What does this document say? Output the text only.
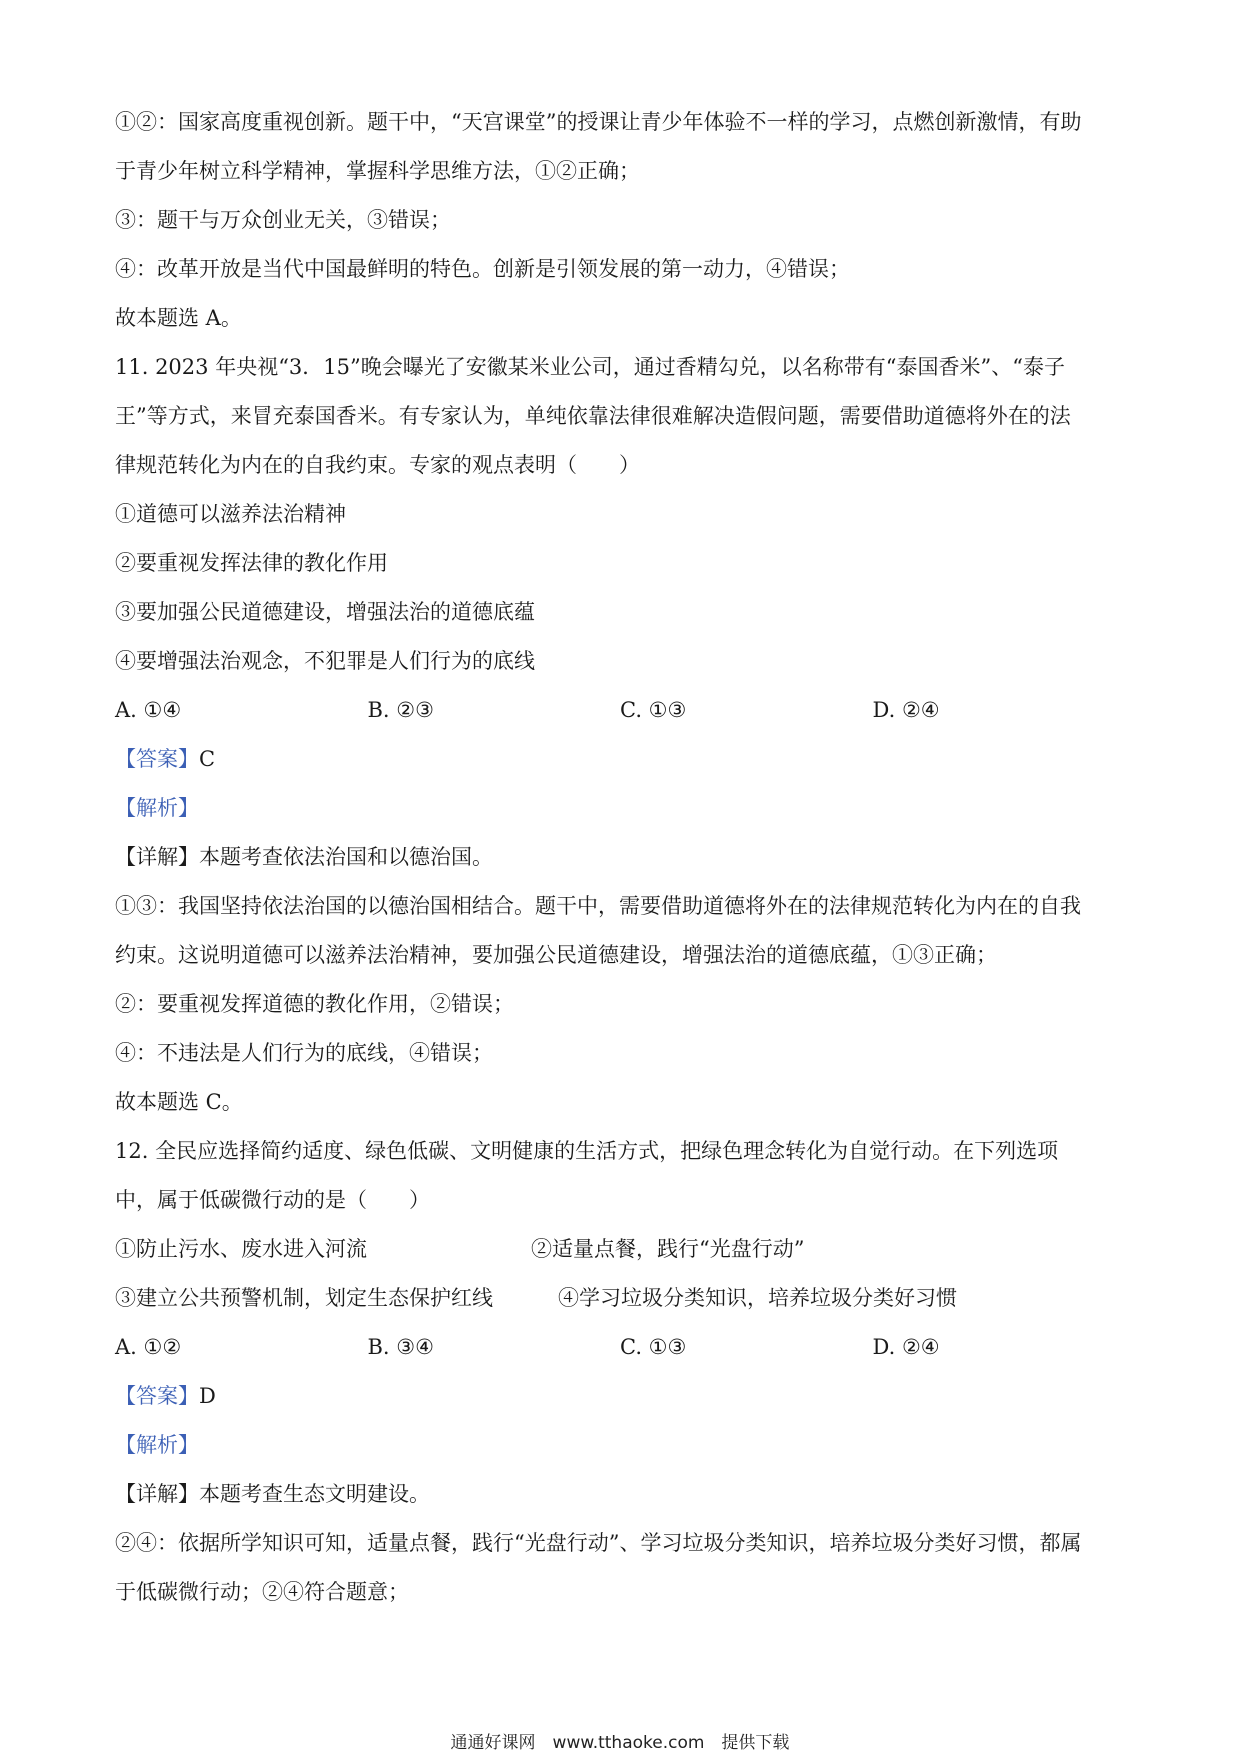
①②：国家高度重视创新。题干中，“天宫课堂”的授课让青少年体验不一样的学习，点燃创新激情，有助
于青少年树立科学精神，掌握科学思维方法，①②正确；
③：题干与万众创业无关，③错误；
④：改革开放是当代中国最鲜明的特色。创新是引领发展的第一动力，④错误；
故本题选 A。
11. 2023 年央视“3．15”晚会曝光了安徽某米业公司，通过香精勾兑，以名称带有“泰国香米”、“泰子
王”等方式，来冒充泰国香米。有专家认为，单纯依靠法律很难解决造假问题，需要借助道德将外在的法
律规范转化为内在的自我约束。专家的观点表明（　　）
①道德可以滋养法治精神
②要重视发挥法律的教化作用
③要加强公民道德建设，增强法治的道德底蕴
④要增强法治观念，不犯罪是人们行为的底线
A. ①④	B. ②③	C. ①③	D. ②④
【答案】C
【解析】
【详解】本题考查依法治国和以德治国。
①③：我国坚持依法治国的以德治国相结合。题干中，需要借助道德将外在的法律规范转化为内在的自我
约束。这说明道德可以滋养法治精神，要加强公民道德建设，增强法治的道德底蕴，①③正确；
②：要重视发挥道德的教化作用，②错误；
④：不违法是人们行为的底线，④错误；
故本题选 C。
12. 全民应选择简约适度、绿色低碳、文明健康的生活方式，把绿色理念转化为自觉行动。在下列选项
中，属于低碳微行动的是（　　）
①防止污水、废水进入河流	②适量点餐，践行“光盘行动”
③建立公共预警机制，划定生态保护红线	④学习垃圾分类知识，培养垃圾分类好习惯
A. ①②	B. ③④	C. ①③	D. ②④
【答案】D
【解析】
【详解】本题考查生态文明建设。
②④：依据所学知识可知，适量点餐，践行“光盘行动”、学习垃圾分类知识，培养垃圾分类好习惯，都属
于低碳微行动；②④符合题意；
通通好课网　www.tthaoke.com　提供下载
